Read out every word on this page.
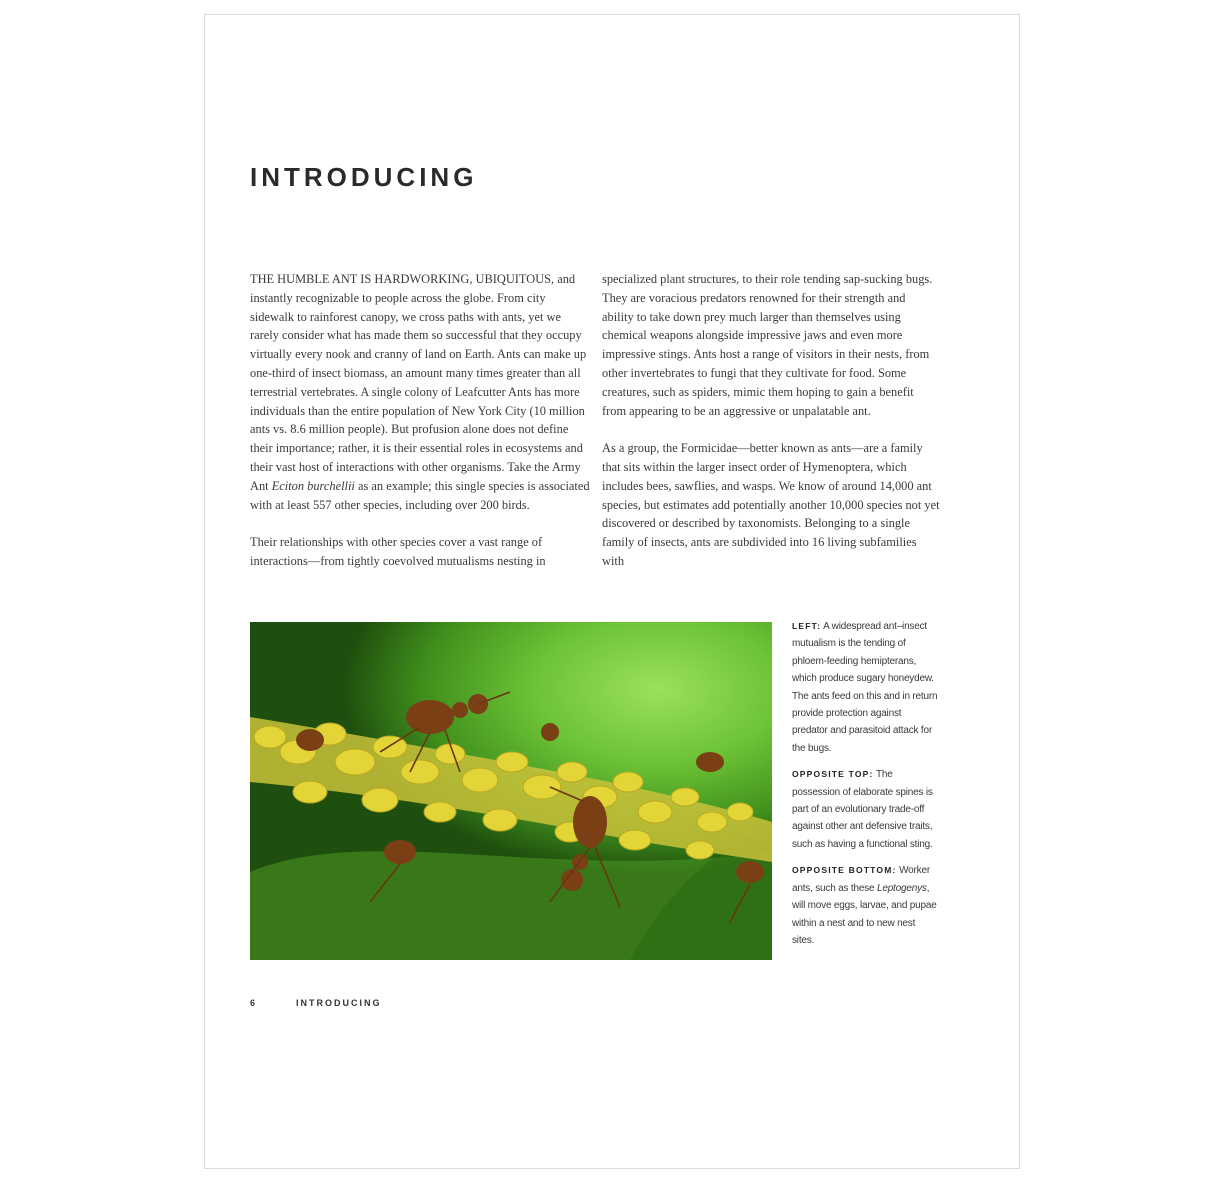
INTRODUCING

THE HUMBLE ANT IS HARDWORKING, UBIQUITOUS, and instantly recognizable to people across the globe. From city sidewalk to rainforest canopy, we cross paths with ants, yet we rarely consider what has made them so successful that they occupy virtually every nook and cranny of land on Earth. Ants can make up one-third of insect biomass, an amount many times greater than all terrestrial vertebrates. A single colony of Leafcutter Ants has more individuals than the entire population of New York City (10 million ants vs. 8.6 million people). But profusion alone does not define their importance; rather, it is their essential roles in ecosystems and their vast host of interactions with other organisms. Take the Army Ant Eciton burchellii as an example; this single species is associated with at least 557 other species, including over 200 birds.

Their relationships with other species cover a vast range of interactions—from tightly coevolved mutualisms nesting in

specialized plant structures, to their role tending sap-sucking bugs. They are voracious predators renowned for their strength and ability to take down prey much larger than themselves using chemical weapons alongside impressive jaws and even more impressive stings. Ants host a range of visitors in their nests, from other invertebrates to fungi that they cultivate for food. Some creatures, such as spiders, mimic them hoping to gain a benefit from appearing to be an aggressive or unpalatable ant.

As a group, the Formicidae—better known as ants—are a family that sits within the larger insect order of Hymenoptera, which includes bees, sawflies, and wasps. We know of around 14,000 ant species, but estimates add potentially another 10,000 species not yet discovered or described by taxonomists. Belonging to a single family of insects, ants are subdivided into 16 living subfamilies with

LEFT: A widespread ant–insect mutualism is the tending of phloem-feeding hemipterans, which produce sugary honeydew. The ants feed on this and in return provide protection against predator and parasitoid attack for the bugs.

OPPOSITE TOP: The possession of elaborate spines is part of an evolutionary trade-off against other ant defensive traits, such as having a functional sting.

OPPOSITE BOTTOM: Worker ants, such as these Leptogenys, will move eggs, larvae, and pupae within a nest and to new nest sites.

6	INTRODUCING
